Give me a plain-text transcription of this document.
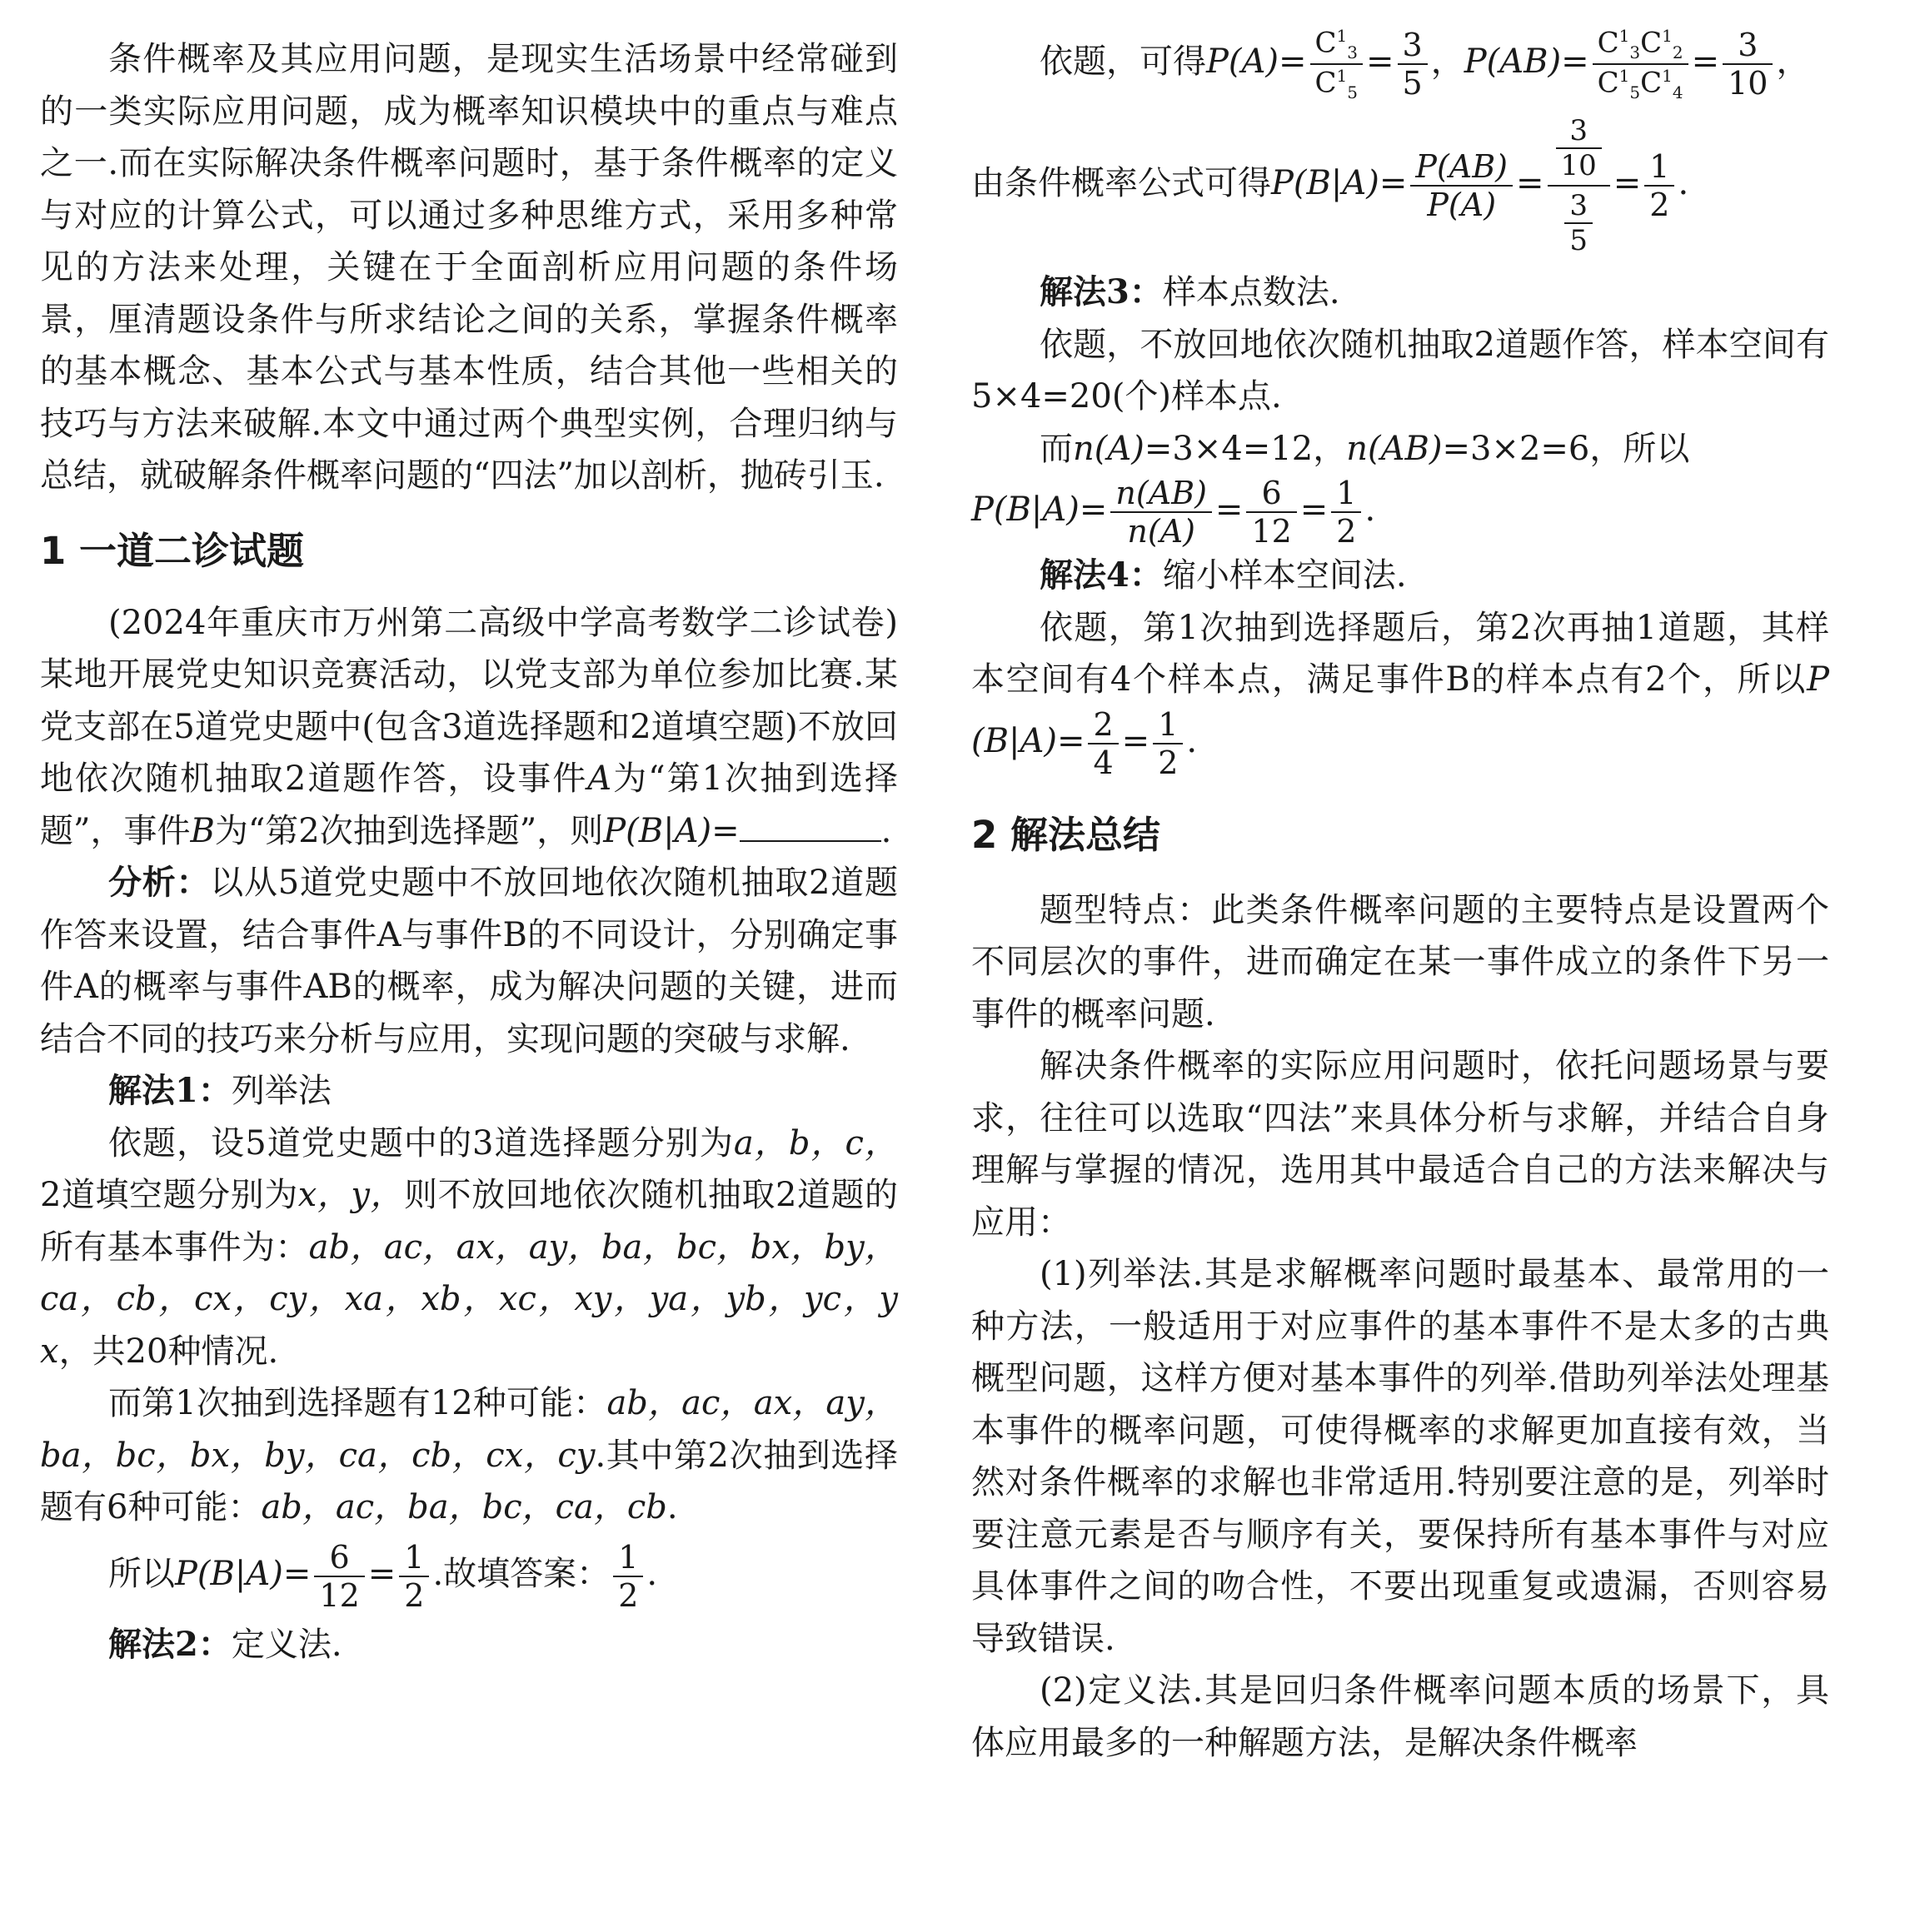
条件概率及其应用问题，是现实生活场景中经常碰到的一类实际应用问题，成为概率知识模块中的重点与难点之一.而在实际解决条件概率问题时，基于条件概率的定义与对应的计算公式，可以通过多种思维方式，采用多种常见的方法来处理，关键在于全面剖析应用问题的条件场景，厘清题设条件与所求结论之间的关系，掌握条件概率的基本概念、基本公式与基本性质，结合其他一些相关的技巧与方法来破解.本文中通过两个典型实例，合理归纳与总结，就破解条件概率问题的“四法”加以剖析，抛砖引玉.

1 一道二诊试题

(2024年重庆市万州第二高级中学高考数学二诊试卷)某地开展党史知识竞赛活动，以党支部为单位参加比赛.某党支部在5道党史题中(包含3道选择题和2道填空题)不放回地依次随机抽取2道题作答，设事件A为“第1次抽到选择题”，事件B为“第2次抽到选择题”，则P(B|A)=	.

分析：以从5道党史题中不放回地依次随机抽取2道题作答来设置，结合事件A与事件B的不同设计，分别确定事件A的概率与事件AB的概率，成为解决问题的关键，进而结合不同的技巧来分析与应用，实现问题的突破与求解.

解法1：列举法

依题，设5道党史题中的3道选择题分别为a，b，c，2道填空题分别为x，y，则不放回地依次随机抽取2道题的所有基本事件为：ab，ac，ax，ay，ba，bc，bx，by，ca，cb，cx，cy，xa，xb，xc，xy，ya，yb，yc，yx，共20种情况.

而第1次抽到选择题有12种可能：ab，ac，ax，ay，ba，bc，bx，by，ca，cb，cx，cy.其中第2次抽到选择题有6种可能：ab，ac，ba，bc，ca，cb.

所以$P(B|A)= \frac{6}{12} = \frac{1}{2}$ .故填答案： $\frac{1}{2}$ .

解法2：定义法.

依题，可得$P(A)= \frac{C^1_3}{C^1_5} = \frac{3}{5}$ ，$P(AB)= \frac{C^1_3C^1_2}{C^1_5C^1_4} = \frac{3}{10}$ ，

由条件概率公式可得$P(B|A)= \frac{P(AB)}{P(A)} = \frac{\frac{3}{10}}{\frac{3}{5}} = \frac{1}{2}$ .

解法3：样本点数法.

依题，不放回地依次随机抽取2道题作答，样本空间有5×4=20(个)样本点.

而n(A)=3×4=12，n(AB)=3×2=6，所以

$P(B|A)= \frac{n(AB)}{n(A)} = \frac{6}{12} = \frac{1}{2}$ .

解法4：缩小样本空间法.

依题，第1次抽到选择题后，第2次再抽1道题，其样本空间有4个样本点，满足事件B的样本点有2个，所以$P(B|A)= \frac{2}{4} = \frac{1}{2}$ .

2 解法总结

题型特点：此类条件概率问题的主要特点是设置两个不同层次的事件，进而确定在某一事件成立的条件下另一事件的概率问题.

解决条件概率的实际应用问题时，依托问题场景与要求，往往可以选取“四法”来具体分析与求解，并结合自身理解与掌握的情况，选用其中最适合自己的方法来解决与应用：

(1)列举法.其是求解概率问题时最基本、最常用的一种方法，一般适用于对应事件的基本事件不是太多的古典概型问题，这样方便对基本事件的列举.借助列举法处理基本事件的概率问题，可使得概率的求解更加直接有效，当然对条件概率的求解也非常适用.特别要注意的是，列举时要注意元素是否与顺序有关，要保持所有基本事件与对应具体事件之间的吻合性，不要出现重复或遗漏，否则容易导致错误.

(2)定义法.其是回归条件概率问题本质的场景下，具体应用最多的一种解题方法，是解决条件概率
